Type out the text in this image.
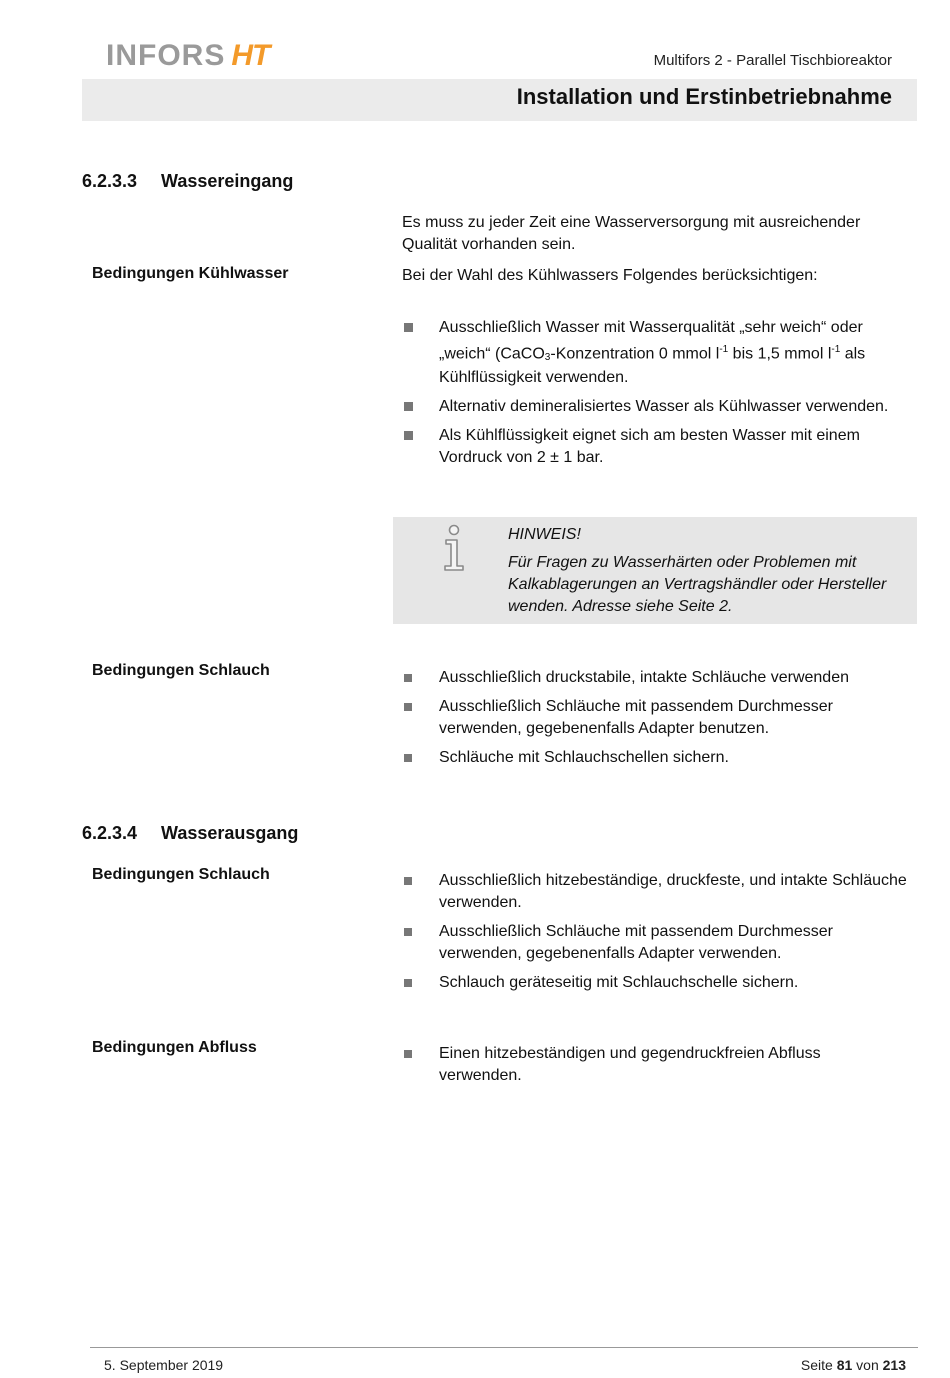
INFORS HT	Multifors 2 - Parallel Tischbioreaktor
Installation und Erstinbetriebnahme
6.2.3.3 Wassereingang
Es muss zu jeder Zeit eine Wasserversorgung mit ausreichender Qualität vorhanden sein.
Bedingungen Kühlwasser	Bei der Wahl des Kühlwassers Folgendes berücksichtigen:
Ausschließlich Wasser mit Wasserqualität „sehr weich“ oder „weich“ (CaCO$_3$-Konzentration 0 mmol $l^{-1}$ bis 1,5 mmol $l^{-1}$ als Kühlflüssigkeit verwenden.
Alternativ demineralisiertes Wasser als Kühlwasser verwenden.
Als Kühlflüssigkeit eignet sich am besten Wasser mit einem Vordruck von 2 ± 1 bar.
HINWEIS!
Für Fragen zu Wasserhärten oder Problemen mit Kalkablagerungen an Vertragshändler oder Hersteller wenden. Adresse siehe Seite 2.
Bedingungen Schlauch	Ausschließlich druckstabile, intakte Schläuche verwenden
Ausschließlich Schläuche mit passendem Durchmesser verwenden, gegebenenfalls Adapter benutzen.
Schläuche mit Schlauchschellen sichern.
6.2.3.4 Wasserausgang
Bedingungen Schlauch	Ausschließlich hitzebeständige, druckfeste, und intakte Schläuche verwenden.
Ausschließlich Schläuche mit passendem Durchmesser verwenden, gegebenenfalls Adapter verwenden.
Schlauch geräteseitig mit Schlauchschelle sichern.
Bedingungen Abfluss	Einen hitzebeständigen und gegendruckfreien Abfluss verwenden.
5. September 2019	Seite 81 von 213
